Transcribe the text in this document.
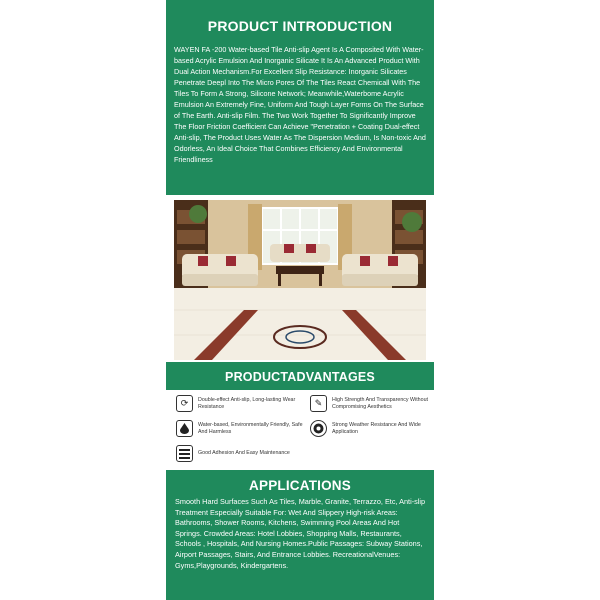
PRODUCT INTRODUCTION
WAYEN FA -200 Water-based Tile Anti-slip Agent Is A Composited With Water-based Acrylic Emulsion And Inorganic Silicate It Is An Advanced Product With Dual Action Mechanism.For Excellent Slip Resistance: Inorganic Silicates Penetrate Deepl Into The Micro Pores Of The Tiles React Chemicall With The Tiles To Form A Strong, Silicone Network; Meanwhile,Waterbome Acrylic Emulsion An Extremely Fine, Uniform And Tough Layer Forms On The Surface of The Earth. Anti-slip Film. The Two Work Together To Significantly Improve The Floor Friction Coefficient Can Achieve "Penetration + Coating Dual-effect Anti-slip, The Product Uses Water As The Dispersion Medium, Is Non-toxic And Odorless, An Ideal Choice That Combines Efficiency And Environmental Friendliness
PRODUCTADVANTAGES
⟳	Double-effect Anti-slip, Long-lasting Wear Resistance	✎	High Strength And Transparency Without Compromising Aesthetics
Water-based, Environmentally Friendly, Safe And Harmless
Strong Weather Resistance And Wide Application
Good Adhesion And Easy Maintenance
APPLICATIONS
Smooth Hard Surfaces Such As Tiles, Marble, Granite, Terrazzo, Etc, Anti-slip Treatment Especially Suitable For: Wet And Slippery High-risk Areas: Bathrooms, Shower Rooms, Kitchens, Swimming Pool Areas And Hot Springs. Crowded Areas: Hotel Lobbies, Shopping Malls, Restaurants, Schools , Hospitals, And Nursing Homes.Public Passages: Subway Stations, Airport Passages, Stairs, And Entrance Lobbies. RecreationalVenues: Gyms,Playgrounds, Kindergartens.
